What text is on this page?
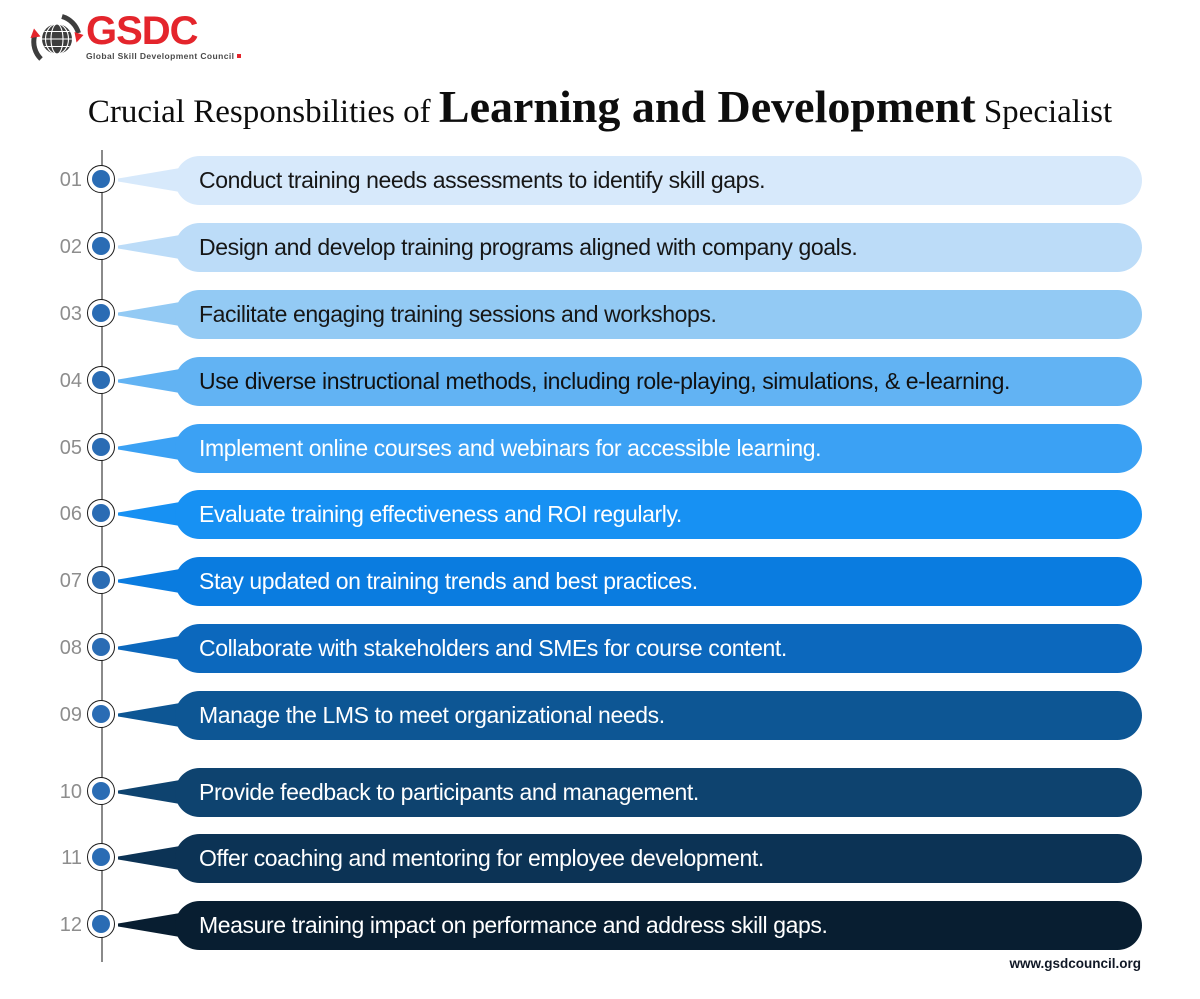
GSDC
Global Skill Development Council
Crucial Responsbilities of Learning and Development Specialist
01	Conduct training needs assessments to identify skill gaps.
02	Design and develop training programs aligned with company goals.
03	Facilitate engaging training sessions and workshops.
04	Use diverse instructional methods, including role-playing, simulations, & e-learning.
05	Implement online courses and webinars for accessible learning.
06	Evaluate training effectiveness and ROI regularly.
07	Stay updated on training trends and best practices.
08	Collaborate with stakeholders and SMEs for course content.
09	Manage the LMS to meet organizational needs.
10	Provide feedback to participants and management.
11	Offer coaching and mentoring for employee development.
12	Measure training impact on performance and address skill gaps.
www.gsdcouncil.org
